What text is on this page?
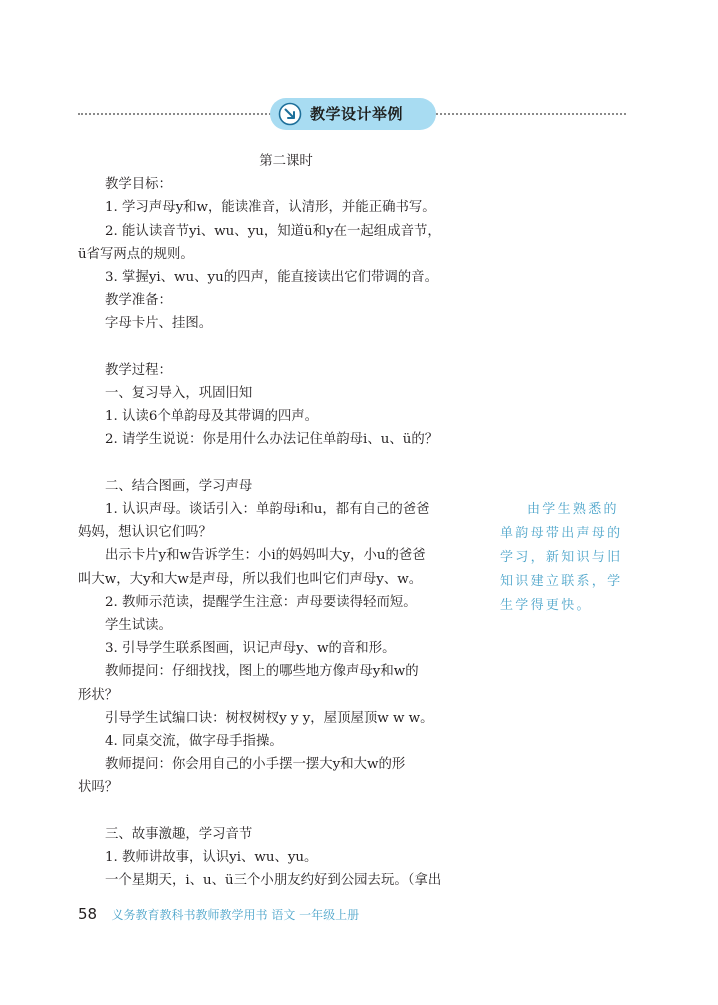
教学设计举例

第二课时

教学目标：

1. 学习声母y和w，能读准音，认清形，并能正确书写。

2. 能认读音节yi、wu、yu，知道ü和y在一起组成音节，

ü省写两点的规则。

3. 掌握yi、wu、yu的四声，能直接读出它们带调的音。

教学准备：

字母卡片、挂图。

教学过程：

一、复习导入，巩固旧知

1. 认读6个单韵母及其带调的四声。

2. 请学生说说：你是用什么办法记住单韵母i、u、ü的？

二、结合图画，学习声母

1. 认识声母。谈话引入：单韵母i和u，都有自己的爸爸

妈妈，想认识它们吗？

出示卡片y和w告诉学生：小i的妈妈叫大y，小u的爸爸

叫大w，大y和大w是声母，所以我们也叫它们声母y、w。

2. 教师示范读，提醒学生注意：声母要读得轻而短。

学生试读。

3. 引导学生联系图画，识记声母y、w的音和形。

教师提问：仔细找找，图上的哪些地方像声母y和w的

形状？

引导学生试编口诀：树杈树杈y y y，屋顶屋顶w w w。

4. 同桌交流，做字母手指操。

教师提问：你会用自己的小手摆一摆大y和大w的形

状吗？

三、故事激趣，学习音节

1. 教师讲故事，认识yi、wu、yu。

一个星期天，i、u、ü三个小朋友约好到公园去玩。（拿出

由学生熟悉的

单韵母带出声母的

学习，新知识与旧

知识建立联系，学

生学得更快。

58 义务教育教科书教师教学用书 语文 一年级上册
